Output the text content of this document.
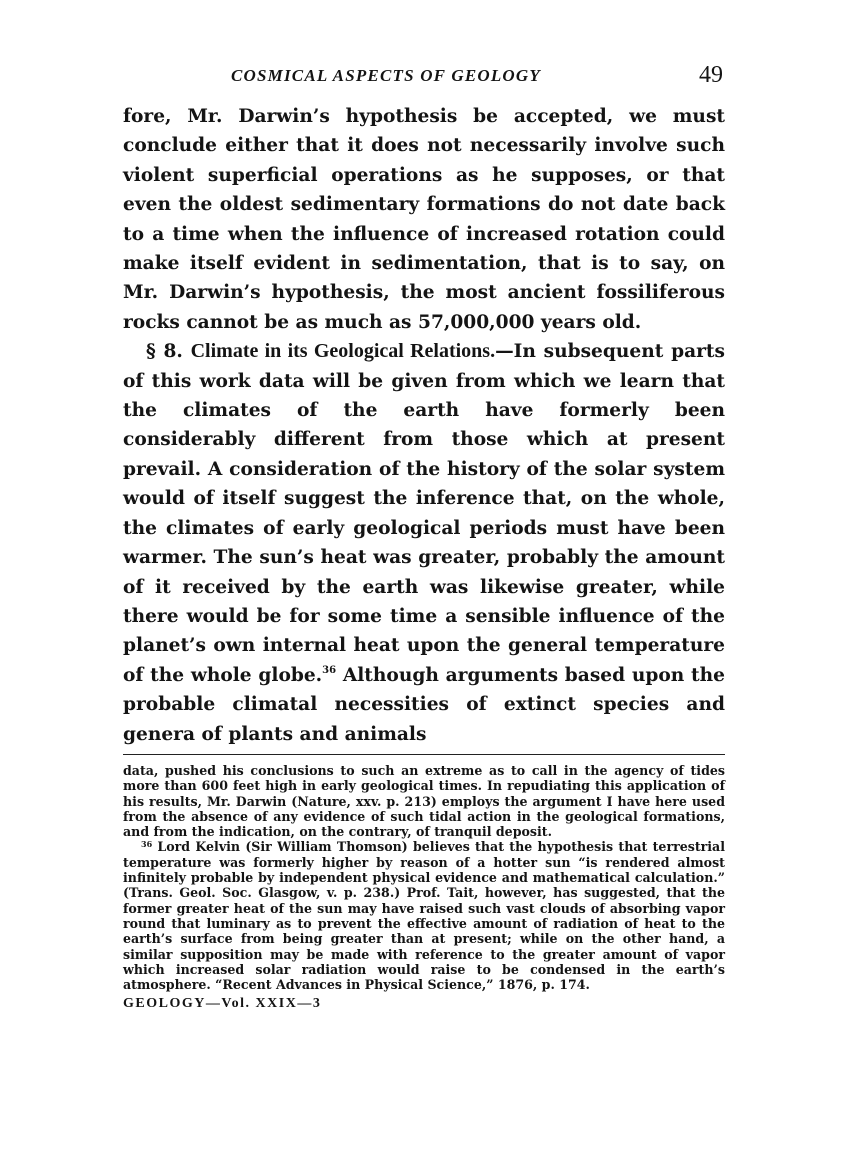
COSMICAL ASPECTS OF GEOLOGY	49

fore, Mr. Darwin’s hypothesis be accepted, we must conclude either that it does not necessarily involve such violent superficial operations as he supposes, or that even the oldest sedimentary formations do not date back to a time when the influence of increased rotation could make itself evident in sedimentation, that is to say, on Mr. Darwin’s hypothesis, the most ancient fossiliferous rocks cannot be as much as 57,000,000 years old.

§ 8. Climate in its Geological Relations.—In subsequent parts of this work data will be given from which we learn that the climates of the earth have formerly been considerably different from those which at present prevail. A consideration of the history of the solar system would of itself suggest the inference that, on the whole, the climates of early geological periods must have been warmer. The sun’s heat was greater, probably the amount of it received by the earth was likewise greater, while there would be for some time a sensible influence of the planet’s own internal heat upon the general temperature of the whole globe.$^{36}$ Although arguments based upon the probable climatal necessities of extinct species and genera of plants and animals

data, pushed his conclusions to such an extreme as to call in the agency of tides more than 600 feet high in early geological times. In repudiating this application of his results, Mr. Darwin (Nature, xxv. p. 213) employs the argument I have here used from the absence of any evidence of such tidal action in the geological formations, and from the indication, on the contrary, of tranquil deposit.

$^{36}$ Lord Kelvin (Sir William Thomson) believes that the hypothesis that terrestrial temperature was formerly higher by reason of a hotter sun “is rendered almost infinitely probable by independent physical evidence and mathematical calculation.” (Trans. Geol. Soc. Glasgow, v. p. 238.) Prof. Tait, however, has suggested, that the former greater heat of the sun may have raised such vast clouds of absorbing vapor round that luminary as to prevent the effective amount of radiation of heat to the earth’s surface from being greater than at present; while on the other hand, a similar supposition may be made with reference to the greater amount of vapor which increased solar radiation would raise to be condensed in the earth’s atmosphere. “Recent Advances in Physical Science,” 1876, p. 174.

GEOLOGY—Vol. XXIX—3
